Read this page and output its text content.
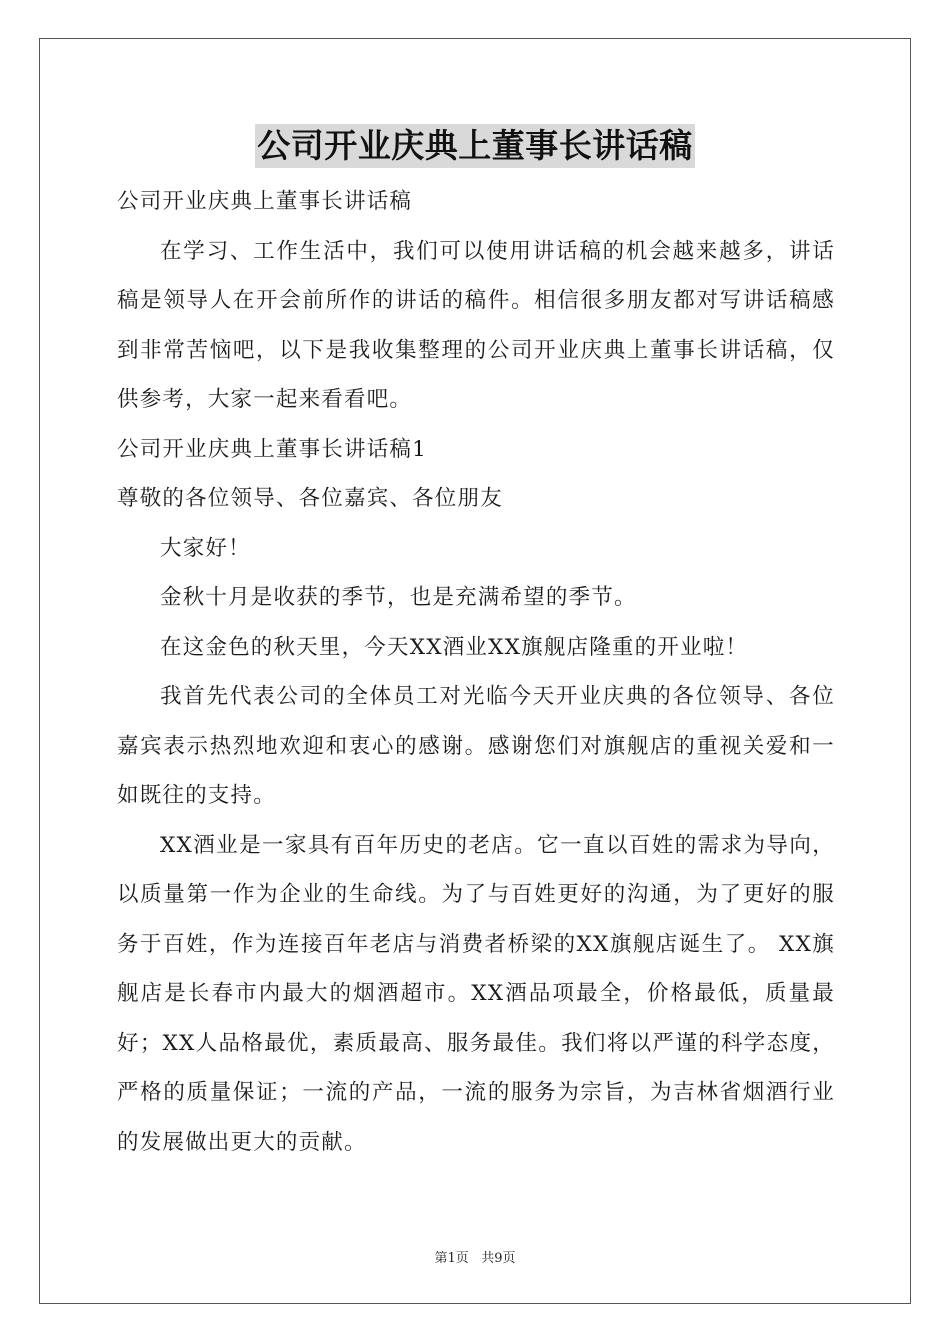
公司开业庆典上董事长讲话稿

公司开业庆典上董事长讲话稿

在学习、工作生活中，我们可以使用讲话稿的机会越来越多，讲话稿是领导人在开会前所作的讲话的稿件。相信很多朋友都对写讲话稿感到非常苦恼吧，以下是我收集整理的公司开业庆典上董事长讲话稿，仅供参考，大家一起来看看吧。

公司开业庆典上董事长讲话稿1

尊敬的各位领导、各位嘉宾、各位朋友

大家好！

金秋十月是收获的季节，也是充满希望的季节。

在这金色的秋天里，今天XX酒业XX旗舰店隆重的开业啦！

我首先代表公司的全体员工对光临今天开业庆典的各位领导、各位嘉宾表示热烈地欢迎和衷心的感谢。感谢您们对旗舰店的重视关爱和一如既往的支持。

XX酒业是一家具有百年历史的老店。它一直以百姓的需求为导向，以质量第一作为企业的生命线。为了与百姓更好的沟通，为了更好的服务于百姓，作为连接百年老店与消费者桥梁的XX旗舰店诞生了。 XX旗舰店是长春市内最大的烟酒超市。XX酒品项最全，价格最低，质量最好；XX人品格最优，素质最高、服务最佳。我们将以严谨的科学态度，严格的质量保证；一流的产品，一流的服务为宗旨，为吉林省烟酒行业的发展做出更大的贡献。

第1页 共9页
